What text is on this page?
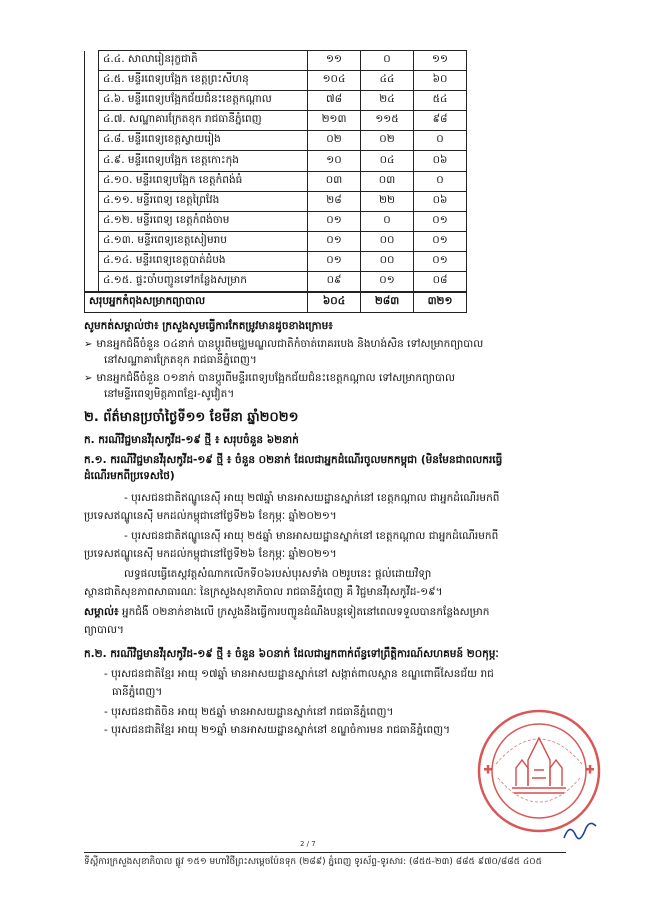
	៤.៤. សាលារៀនរុក្ខជាតិ	១១	០	១១
	៤.៥. មន្ទីរពេទ្យបង្អែក ខេត្តព្រះសីហនុ	១០៤	៤៤	៦០
	៤.៦. មន្ទីរពេទ្យបង្អែកជ័យជំនះខេត្តកណ្ដាល	៧៨	២៤	៥៤
	៤.៧. សណ្ឋាគារក្រែតខុក រាជធានីភ្នំពេញ	២១៣	១១៥	៩៨
	៤.៨. មន្ទីរពេទ្យខេត្តស្វាយរៀង	០២	០២	០
	៤.៩. មន្ទីរពេទ្យបង្អែក ខេត្តកោះកុង	១០	០៤	០៦
	៤.១០. មន្ទីរពេទ្យបង្អែក ខេត្តកំពង់ធំ	០៣	០៣	០
	៤.១១. មន្ទីរពេទ្យ ខេត្តព្រៃវែង	២៨	២២	០៦
	៤.១២. មន្ទីរពេទ្យ ខេត្តកំពង់ចាម	០១	០	០១
	៤.១៣. មន្ទីរពេទ្យខេត្តសៀមរាប	០១	០០	០១
	៤.១៤. មន្ទីរពេទ្យខេត្តបាត់ដំបង	០១	០០	០១
	៤.១៥. ផ្ទះចាំបញ្ជូនទៅកន្លែងសម្រាក	០៩	០១	០៨
សរុបអ្នកកំពុងសម្រាកព្យាបាល		៦០៤	២៨៣	៣២១
សូមកត់សម្គាល់ថា៖ ក្រសួងសូមធ្វើការកែតម្រូវមានដូចខាងក្រោម៖
➢ មានអ្នកជំងឺចំនួន ០៤នាក់ បានប្ដូរពីមជ្ឈមណ្ឌលជាតិកំចាត់រោគរបេង និងហង់សិន ទៅសម្រាកព្យាបាល
នៅសណ្ឋាគារក្រែតខុក រាជធានីភ្នំពេញ។
➢ មានអ្នកជំងឺចំនួន ០១នាក់ បានប្ដូរពីមន្ទីរពេទ្យបង្អែកជ័យជំនះខេត្តកណ្ដាល ទៅសម្រាកព្យាបាល
នៅមន្ទីរពេទ្យមិត្តភាពខ្មែរ-សូវៀត។
២. ព័ត៌មានប្រចាំថ្ងៃទី១១ ខែមីនា ឆ្នាំ២០២១
ក. ករណីវិជ្ជមានវីរុសកូវីដ-១៩ ថ្មី ៖ សរុបចំនួន ៦២នាក់
ក.១. ករណីវិជ្ជមានវីរុសកូវីដ-១៩ ថ្មី ៖ ចំនួន ០២នាក់ ដែលជាអ្នកដំណើរចូលមកកម្ពុជា (មិនមែនជាពលករធ្វើ
ដំណើរមកពីប្រទេសថៃ)
- បុរសជនជាតិឥណ្ឌូនេស៊ី អាយុ ២៧ឆ្នាំ មានអាសយដ្ឋានស្នាក់នៅ ខេត្តកណ្ដាល ជាអ្នកដំណើរមកពី
ប្រទេសឥណ្ឌូនេស៊ី មកដល់កម្ពុជានៅថ្ងៃទី២៦ ខែកុម្ភៈ ឆ្នាំ២០២១។
- បុរសជនជាតិឥណ្ឌូនេស៊ី អាយុ ២៥ឆ្នាំ មានអាសយដ្ឋានស្នាក់នៅ ខេត្តកណ្ដាល ជាអ្នកដំណើរមកពី
ប្រទេសឥណ្ឌូនេស៊ី មកដល់កម្ពុជានៅថ្ងៃទី២៦ ខែកុម្ភៈ ឆ្នាំ២០២១។
លទ្ធផលធ្វើតេស្តវត្តសំណាកលើកទី០៦របស់បុរសទាំង ០២រូបនេះ ផ្ដល់ដោយវិទ្យា
ស្ថានជាតិសុខភាពសាធារណៈ នៃក្រសួងសុខាភិបាល រាជធានីភ្នំពេញ គឺ វិជ្ជមានវីរុសកូវីដ-១៩។
សម្គាល់៖ អ្នកជំងឺ ០២នាក់ខាងលើ ក្រសួងនឹងធ្វើការបញ្ជូនដំណឹងបន្តទៀតនៅពេលទទួលបានកន្លែងសម្រាក
ព្យាបាល។
ក.២. ករណីវិជ្ជមានវីរុសកូវីដ-១៩ ថ្មី ៖ ចំនួន ៦០នាក់ ដែលជាអ្នកពាក់ព័ន្ធទៅព្រឹត្តិការណ៍សហគមន៍ ២០កុម្ភៈ
- បុរសជនជាតិខ្មែរ អាយុ ១៧ឆ្នាំ មានអាសយដ្ឋានស្នាក់នៅ សង្កាត់ពាលស្ពាន ខណ្ឌពោធិ៍សែនជ័យ រាជ
ធានីភ្នំពេញ។
- បុរសជនជាតិចិន អាយុ ២៥ឆ្នាំ មានអាសយដ្ឋានស្នាក់នៅ រាជធានីភ្នំពេញ។
- បុរសជនជាតិខ្មែរ អាយុ ២១ឆ្នាំ មានអាសយដ្ឋានស្នាក់នៅ ខណ្ឌចំការមន រាជធានីភ្នំពេញ។
2 / 7
ទីស្ដីការក្រសួងសុខាភិបាល ផ្លូវ ១៥១ មហាវិថីព្រះសម្ដេចប៉ែនទុក (២៨៩) ភ្នំពេញ ទូរស័ព្ទ-ទូរសារ: (៨៥៥-២៣) ៨៨៥ ៩៧០/៨៨៥ ៤០៥
